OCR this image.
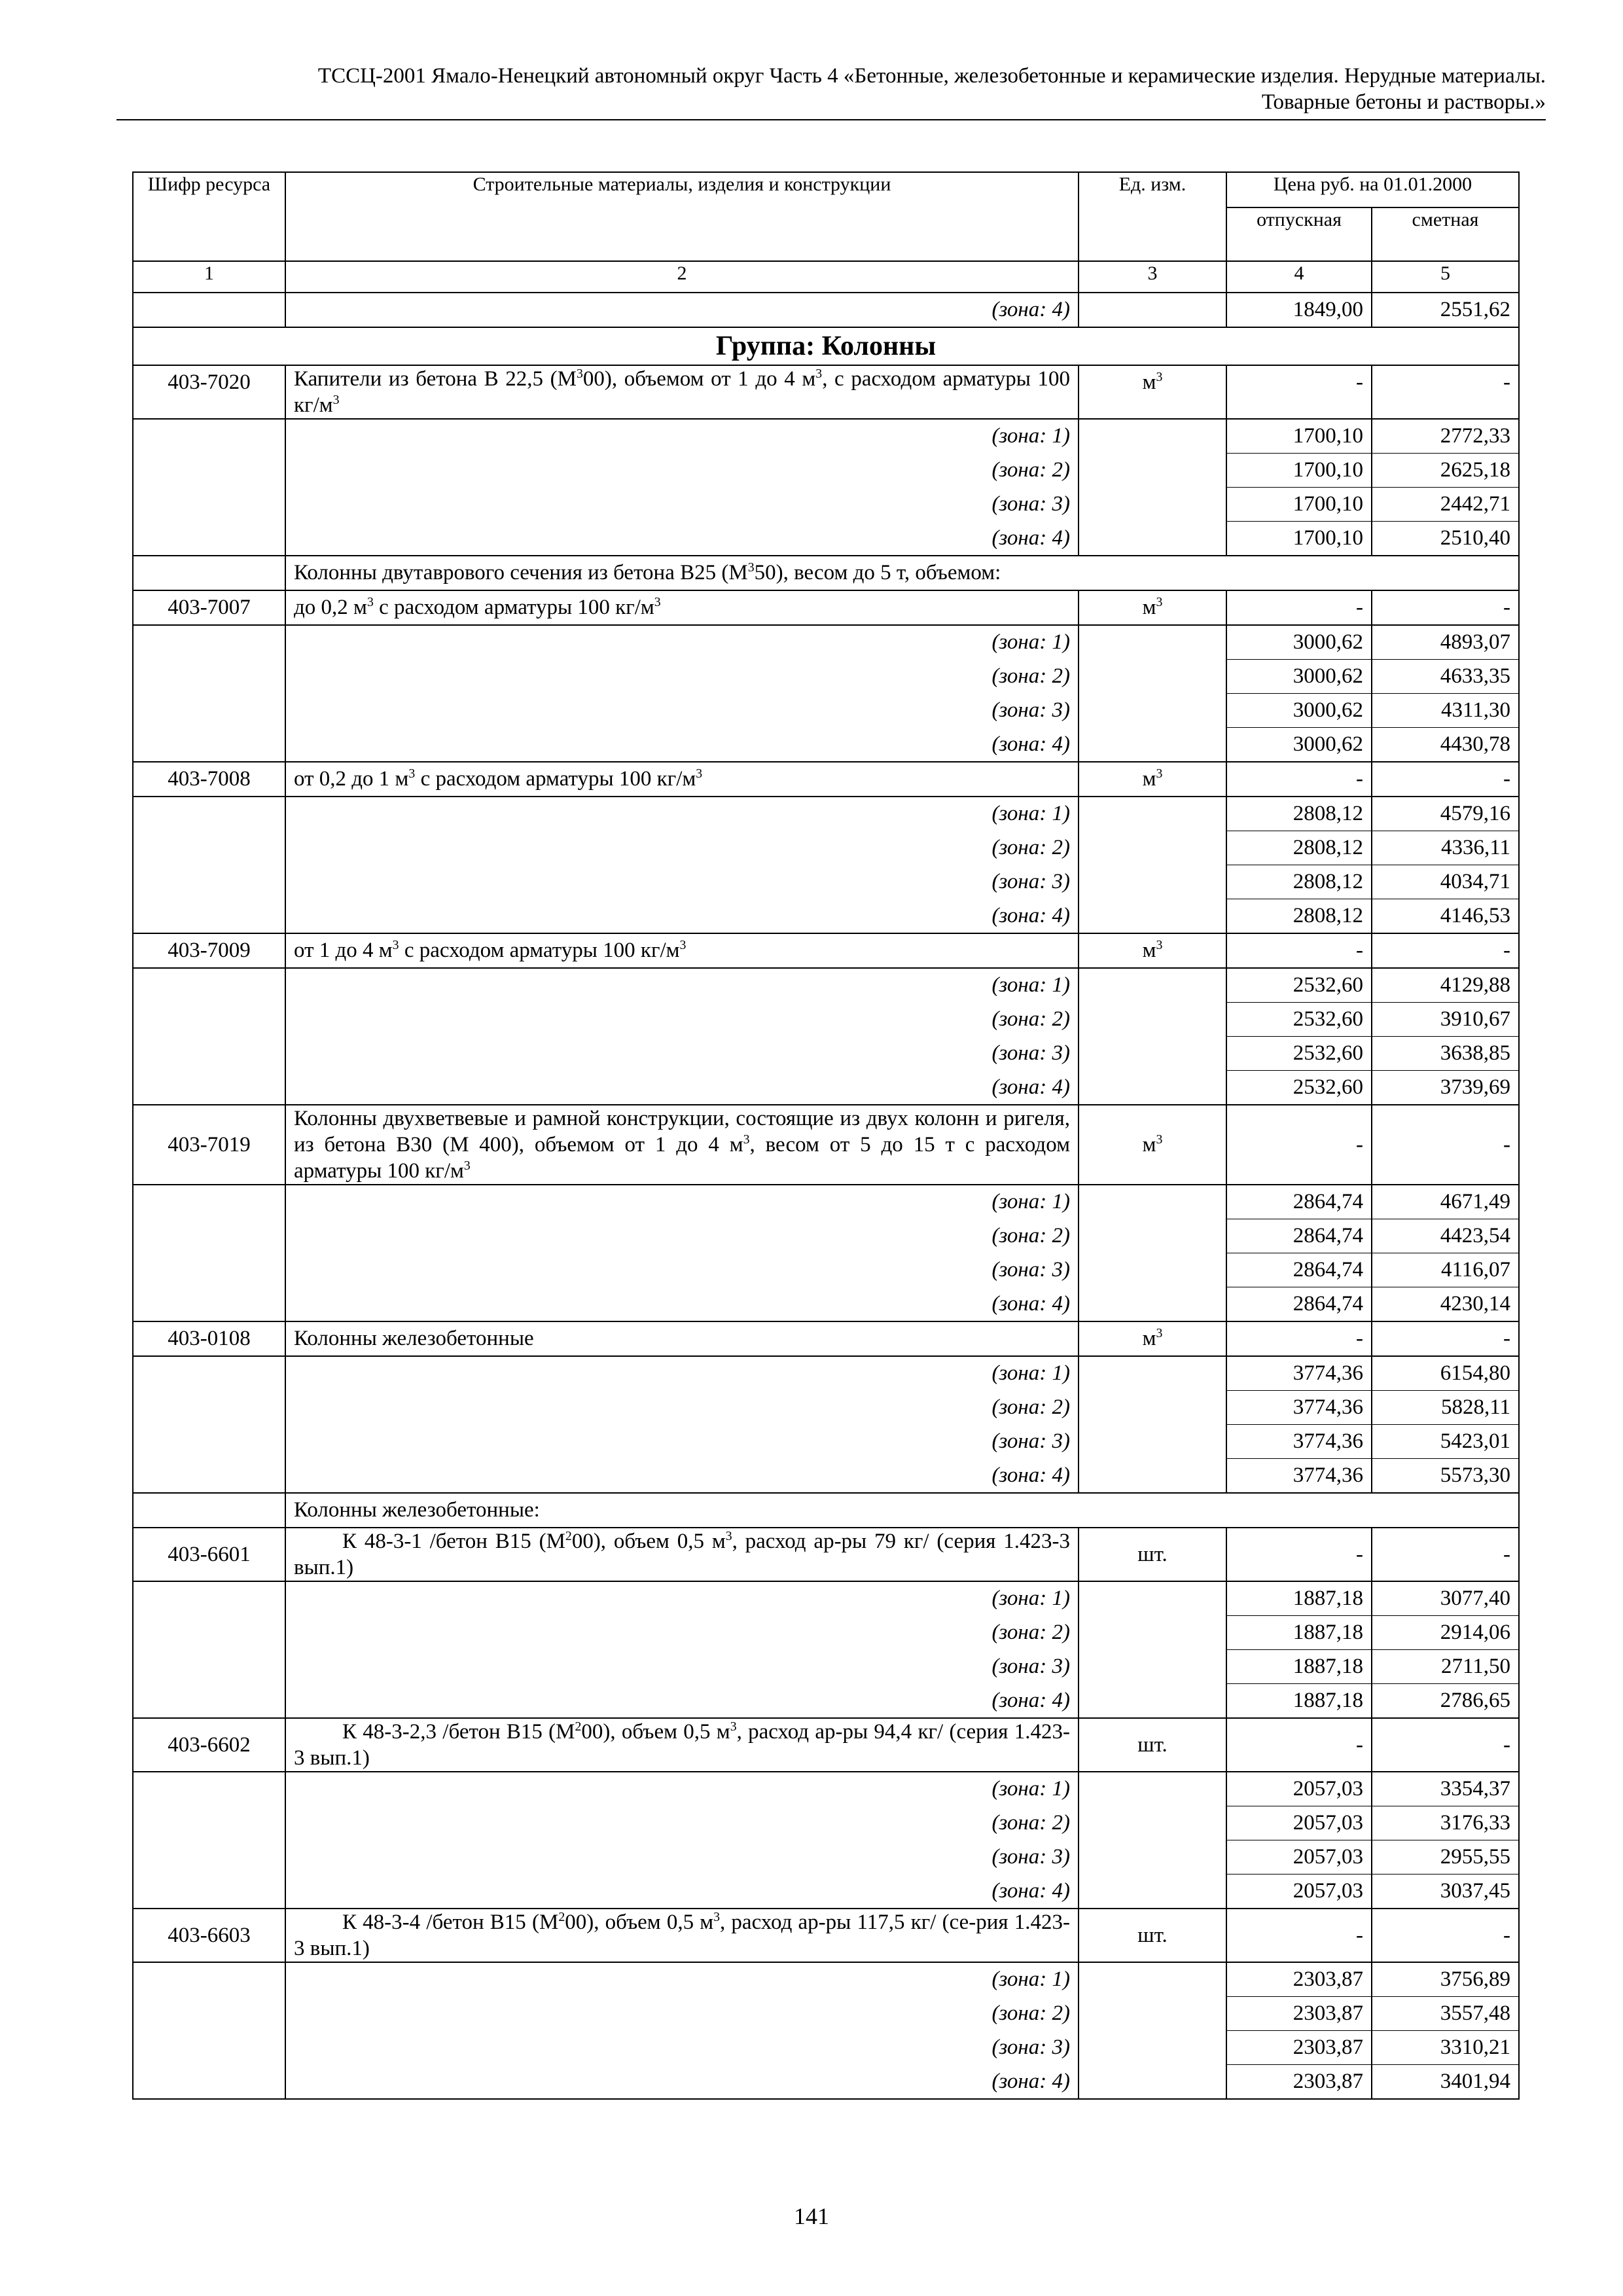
ТССЦ-2001 Ямало-Ненецкий автономный округ Часть 4 «Бетонные, железобетонные и керамические изделия. Нерудные материалы.
Товарные бетоны и растворы.»
Шифр ресурса	Строительные материалы, изделия и конструкции	Ед. изм.	Цена руб. на 01.01.2000	
			отпускная	сметная
1	2	3	4	5
	(зона: 4)		1849,00	2551,62
Группа: Колонны				
403-7020	Капители из бетона В 22,5 $(М^300)$, объемом от 1 до 4 $м^3$, с расходом арматуры 100 $кг/м^3$	$м^3$	-	-
	(зона: 1)		1700,10	2772,33
	(зона: 2)		1700,10	2625,18
	(зона: 3)		1700,10	2442,71
	(зона: 4)		1700,10	2510,40
	Колонны двутаврового сечения из бетона В25 $(М^350)$, весом до 5 т, объемом:			
403-7007	до 0,2 $м^3$ с расходом арматуры 100 $кг/м^3$	$м^3$	-	-
	(зона: 1)		3000,62	4893,07
	(зона: 2)		3000,62	4633,35
	(зона: 3)		3000,62	4311,30
	(зона: 4)		3000,62	4430,78
403-7008	от 0,2 до 1 $м^3$ с расходом арматуры 100 $кг/м^3$	$м^3$	-	-
	(зона: 1)		2808,12	4579,16
	(зона: 2)		2808,12	4336,11
	(зона: 3)		2808,12	4034,71
	(зона: 4)		2808,12	4146,53
403-7009	от 1 до 4 $м^3$ с расходом арматуры 100 $кг/м^3$	$м^3$	-	-
	(зона: 1)		2532,60	4129,88
	(зона: 2)		2532,60	3910,67
	(зона: 3)		2532,60	3638,85
	(зона: 4)		2532,60	3739,69
403-7019	Колонны двухветвевые и рамной конструкции, состоящие из двух колонн и ригеля, из бетона В30 (М 400), объемом от 1 до 4 $м^3$, весом от 5 до 15 т с расходом арматуры 100 $кг/м^3$	$м^3$	-	-
	(зона: 1)		2864,74	4671,49
	(зона: 2)		2864,74	4423,54
	(зона: 3)		2864,74	4116,07
	(зона: 4)		2864,74	4230,14
403-0108	Колонны железобетонные	$м^3$	-	-
	(зона: 1)		3774,36	6154,80
	(зона: 2)		3774,36	5828,11
	(зона: 3)		3774,36	5423,01
	(зона: 4)		3774,36	5573,30
	Колонны железобетонные:			
403-6601	К 48-3-1 /бетон В15 $(М^200)$, объем 0,5 $м^3$, расход ар-ры 79 кг/ (серия 1.423-3 вып.1)	шт.	-	-
	(зона: 1)		1887,18	3077,40
	(зона: 2)		1887,18	2914,06
	(зона: 3)		1887,18	2711,50
	(зона: 4)		1887,18	2786,65
403-6602	К 48-3-2,3 /бетон В15 $(М^200)$, объем 0,5 $м^3$, расход ар-ры 94,4 кг/ (серия 1.423-3 вып.1)	шт.	-	-
	(зона: 1)		2057,03	3354,37
	(зона: 2)		2057,03	3176,33
	(зона: 3)		2057,03	2955,55
	(зона: 4)		2057,03	3037,45
403-6603	К 48-3-4 /бетон В15 $(М^200)$, объем 0,5 $м^3$, расход ар-ры 117,5 кг/ (се-рия 1.423-3 вып.1)	шт.	-	-
	(зона: 1)		2303,87	3756,89
	(зона: 2)		2303,87	3557,48
	(зона: 3)		2303,87	3310,21
	(зона: 4)		2303,87	3401,94
141
